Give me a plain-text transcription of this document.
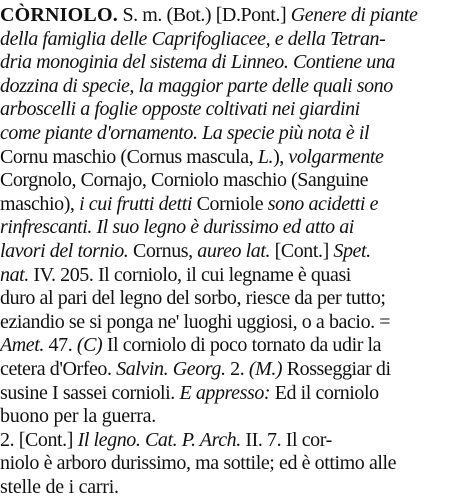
CÒRNIOLO. S. m. (Bot.) [D.Pont.] Genere di piante
della famiglia delle Caprifogliacee, e della Tetran-
dria monoginia del sistema di Linneo. Contiene una
dozzina di specie, la maggior parte delle quali sono
arboscelli a foglie opposte coltivati nei giardini
come piante d'ornamento. La specie più nota è il
Cornu maschio (Cornus mascula, L.), volgarmente
Corgnolo, Cornajo, Corniolo maschio (Sanguine
maschio), i cui frutti detti Corniole sono acidetti e
rinfrescanti. Il suo legno è durissimo ed atto ai
lavori del tornio. Cornus, aureo lat. [Cont.] Spet.
nat. IV. 205. Il corniolo, il cui legname è quasi
duro al pari del legno del sorbo, riesce da per tutto;
eziandio se si ponga ne' luoghi uggiosi, o a bacio. =
Amet. 47. (C) Il corniolo di poco tornato da udir la
cetera d'Orfeo. Salvin. Georg. 2. (M.) Rosseggiar di
susine I sassei cornioli. E appresso: Ed il corniolo
buono per la guerra.
2. [Cont.] Il legno. Cat. P. Arch. II. 7. Il cor-
niolo è arboro durissimo, ma sottile; ed è ottimo alle
stelle de i carri.
